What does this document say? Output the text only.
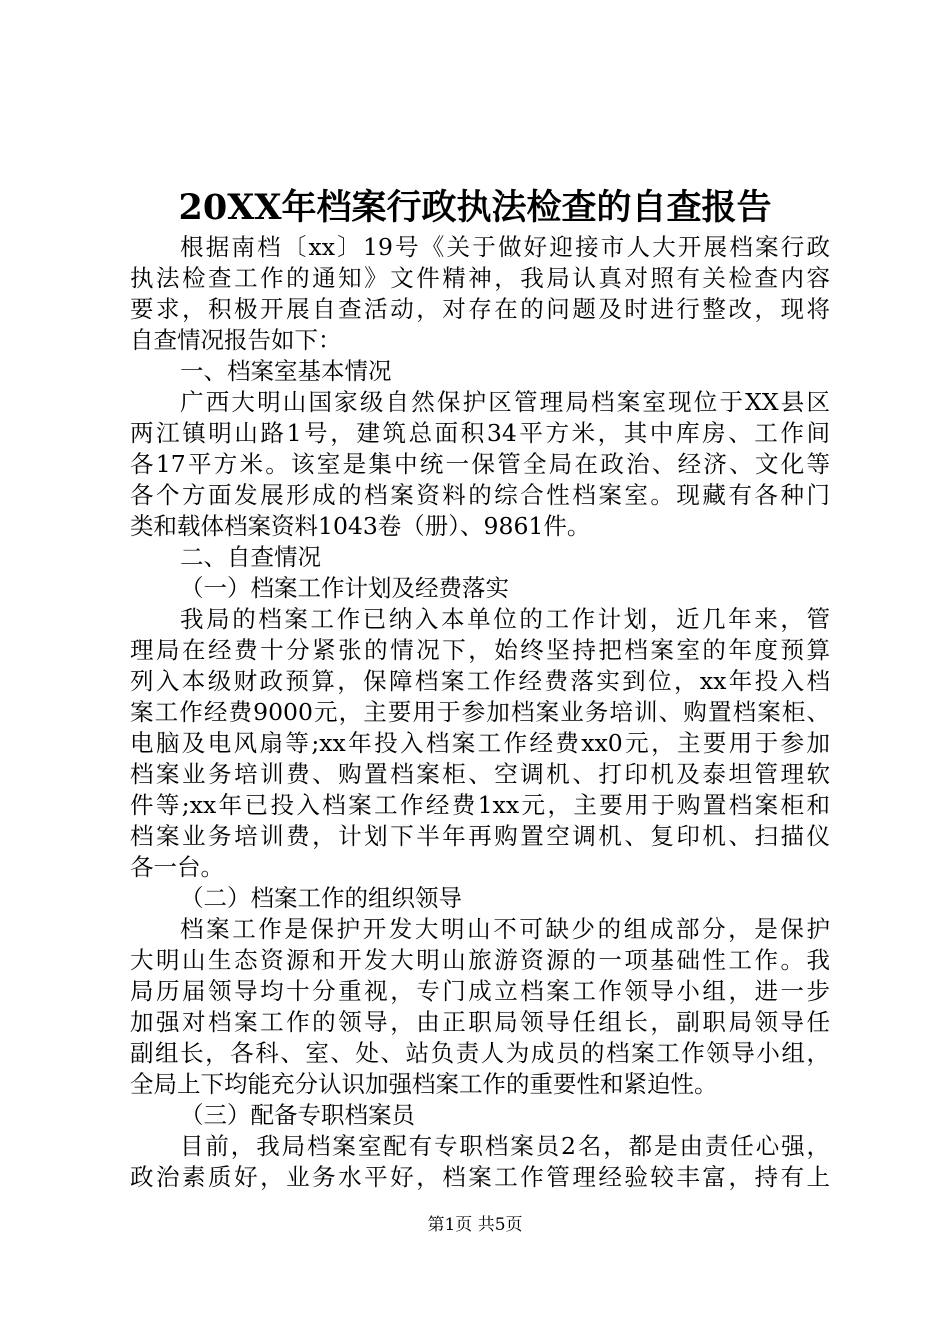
20XX年档案行政执法检查的自查报告
根据南档〔xx〕19号《关于做好迎接市人大开展档案行政
执法检查工作的通知》文件精神，我局认真对照有关检查内容
要求，积极开展自查活动，对存在的问题及时进行整改，现将
自查情况报告如下：
一、档案室基本情况
广西大明山国家级自然保护区管理局档案室现位于XX县区
两江镇明山路1号，建筑总面积34平方米，其中库房、工作间
各17平方米。该室是集中统一保管全局在政治、经济、文化等
各个方面发展形成的档案资料的综合性档案室。现藏有各种门
类和载体档案资料1043卷（册）、9861件。
二、自查情况
（一）档案工作计划及经费落实
我局的档案工作已纳入本单位的工作计划，近几年来，管
理局在经费十分紧张的情况下，始终坚持把档案室的年度预算
列入本级财政预算，保障档案工作经费落实到位，xx年投入档
案工作经费9000元，主要用于参加档案业务培训、购置档案柜、
电脑及电风扇等;xx年投入档案工作经费xx0元，主要用于参加
档案业务培训费、购置档案柜、空调机、打印机及泰坦管理软
件等;xx年已投入档案工作经费1xx元，主要用于购置档案柜和
档案业务培训费，计划下半年再购置空调机、复印机、扫描仪
各一台。
（二）档案工作的组织领导
档案工作是保护开发大明山不可缺少的组成部分，是保护
大明山生态资源和开发大明山旅游资源的一项基础性工作。我
局历届领导均十分重视，专门成立档案工作领导小组，进一步
加强对档案工作的领导，由正职局领导任组长，副职局领导任
副组长，各科、室、处、站负责人为成员的档案工作领导小组，
全局上下均能充分认识加强档案工作的重要性和紧迫性。
（三）配备专职档案员
目前，我局档案室配有专职档案员2名，都是由责任心强，
政治素质好，业务水平好，档案工作管理经验较丰富，持有上
第1页 共5页
